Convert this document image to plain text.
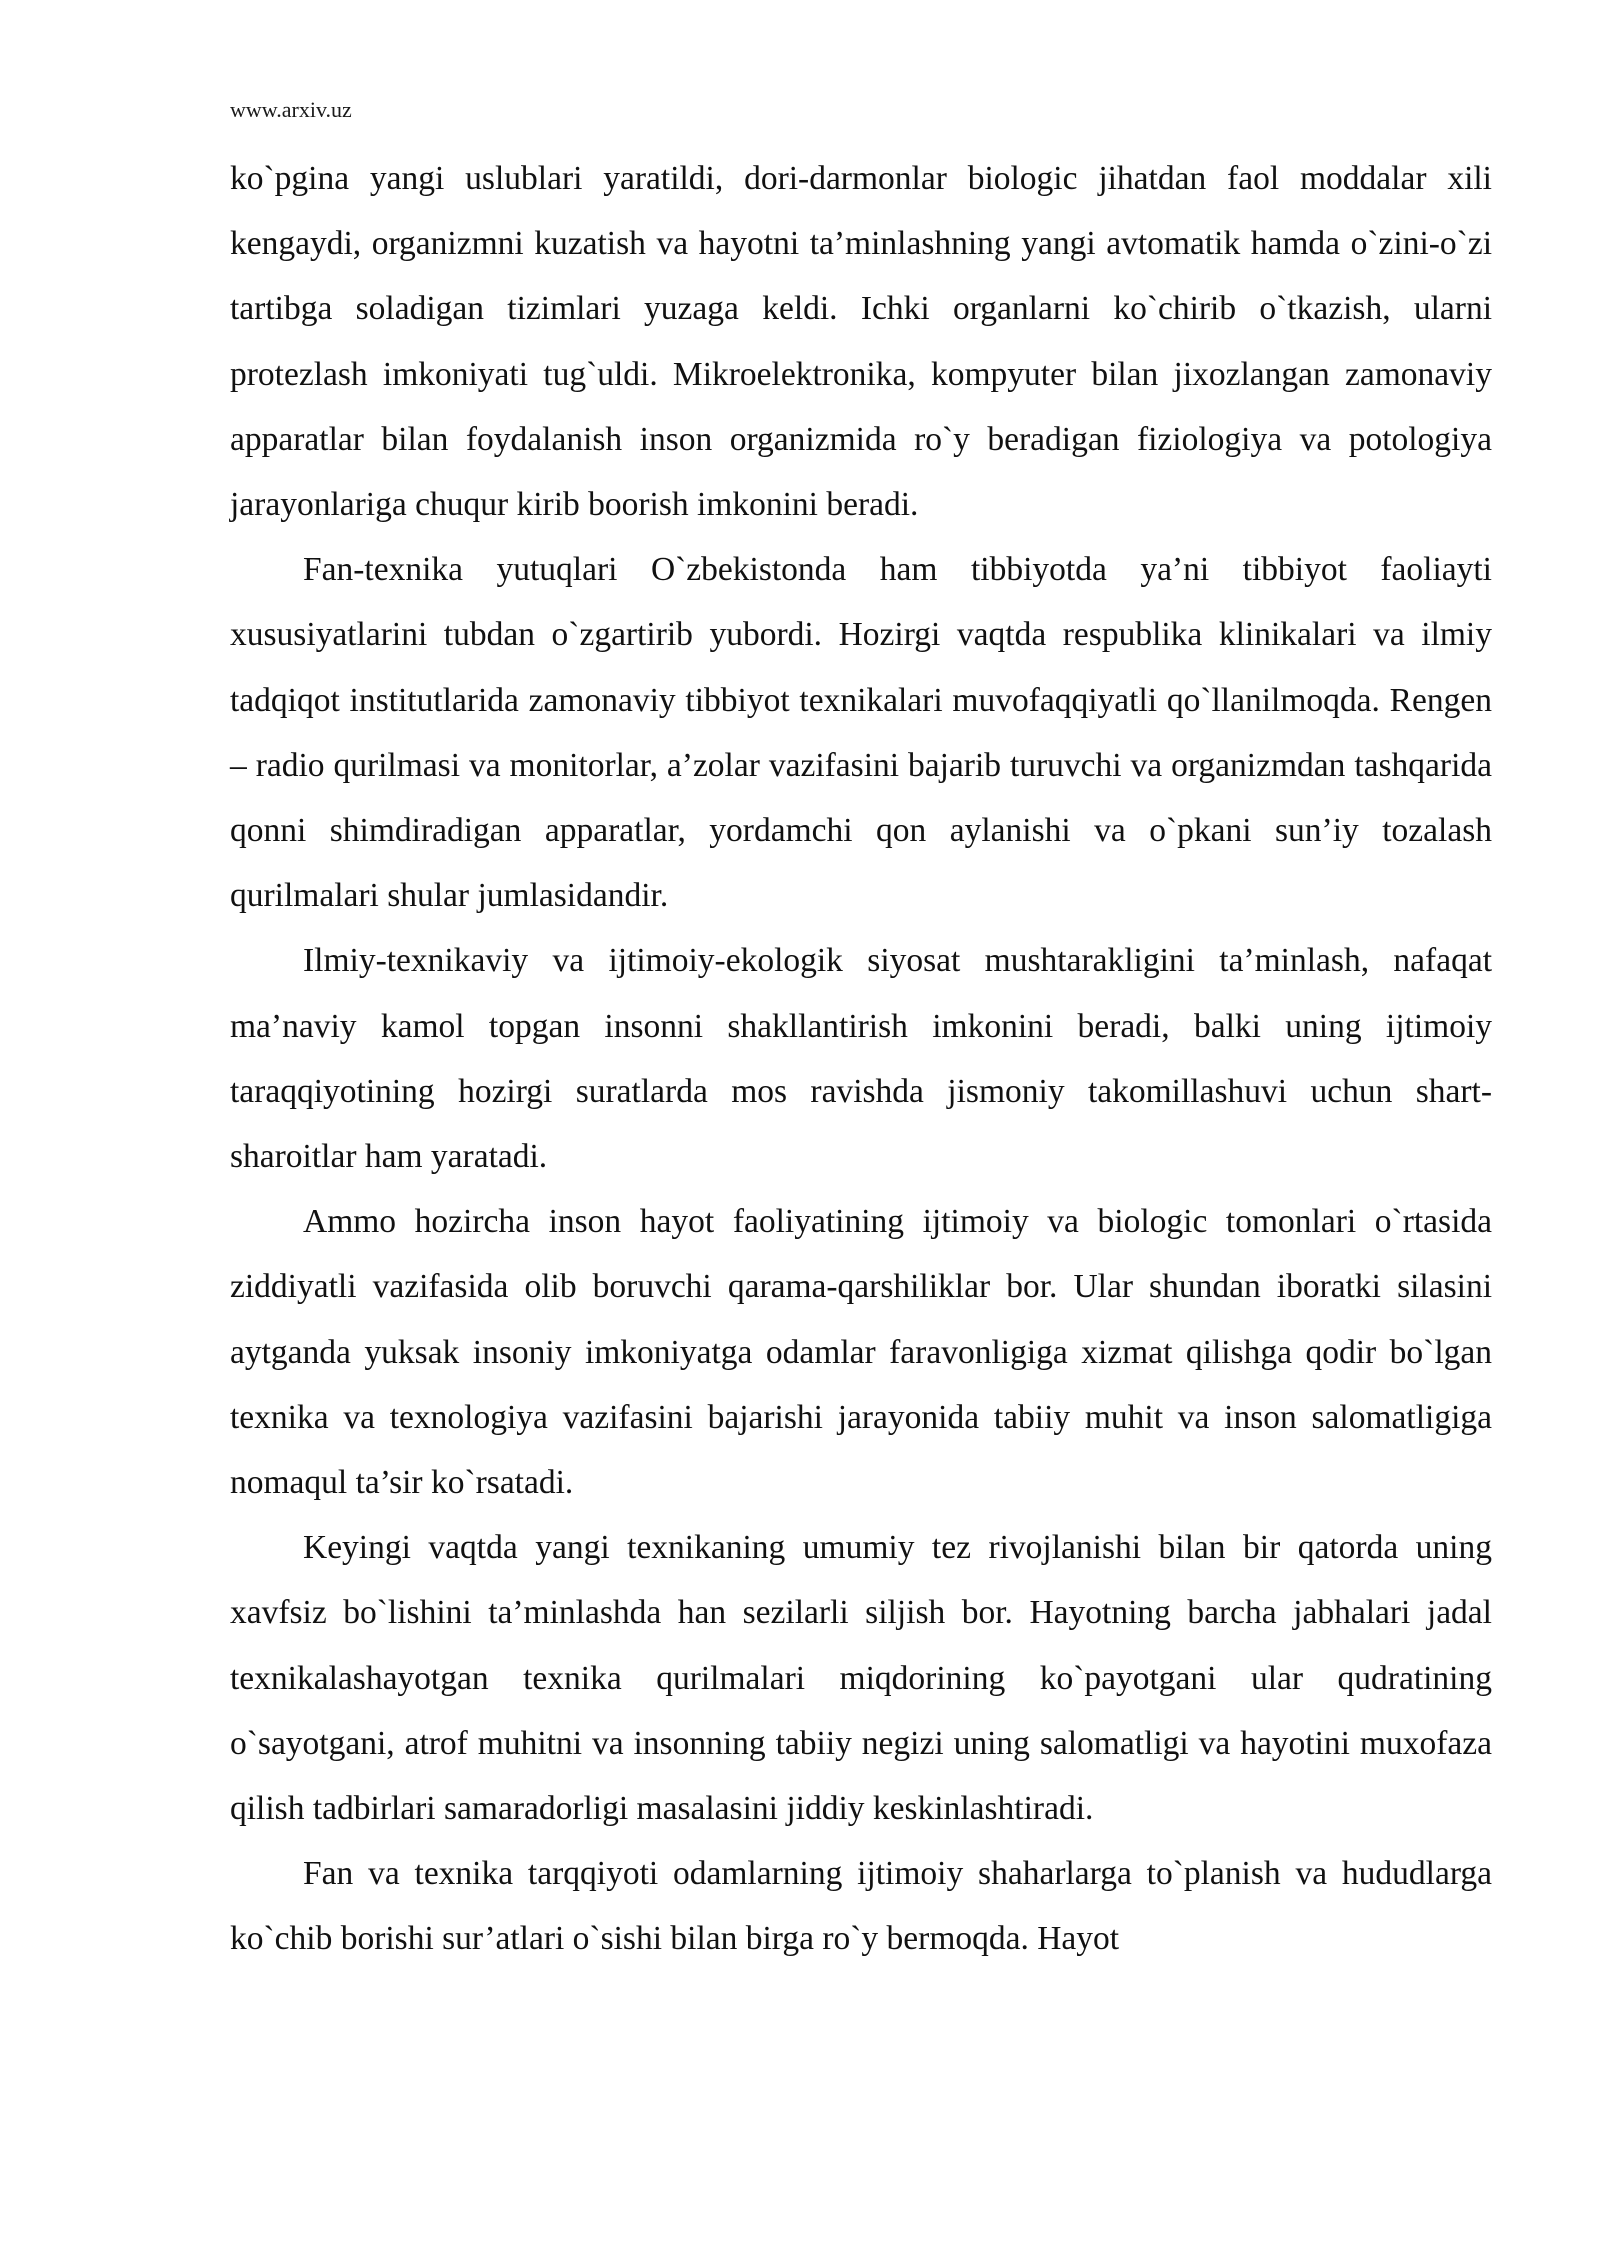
www.arxiv.uz

ko`pgina yangi uslublari yaratildi, dori-darmonlar biologic jihatdan faol moddalar xili kengaydi, organizmni kuzatish va hayotni ta’minlashning yangi avtomatik hamda o`zini-o`zi tartibga soladigan tizimlari yuzaga keldi. Ichki organlarni ko`chirib o`tkazish, ularni protezlash imkoniyati tug`uldi. Mikroelektronika, kompyuter bilan jixozlangan zamonaviy apparatlar bilan foydalanish inson organizmida ro`y beradigan fiziologiya va potologiya jarayonlariga chuqur kirib boorish imkonini beradi.

Fan-texnika yutuqlari O`zbekistonda ham tibbiyotda ya’ni tibbiyot faoliayti xususiyatlarini tubdan o`zgartirib yubordi. Hozirgi vaqtda respublika klinikalari va ilmiy tadqiqot institutlarida zamonaviy tibbiyot texnikalari muvofaqqiyatli qo`llanilmoqda. Rengen – radio qurilmasi va monitorlar, a’zolar vazifasini bajarib turuvchi va organizmdan tashqarida qonni shimdiradigan apparatlar, yordamchi qon aylanishi va o`pkani sun’iy tozalash qurilmalari shular jumlasidandir.

Ilmiy-texnikaviy va ijtimoiy-ekologik siyosat mushtarakligini ta’minlash, nafaqat ma’naviy kamol topgan insonni shakllantirish imkonini beradi, balki uning ijtimoiy taraqqiyotining hozirgi suratlarda mos ravishda jismoniy takomillashuvi uchun shart-sharoitlar ham yaratadi.

Ammo hozircha inson hayot faoliyatining ijtimoiy va biologic tomonlari o`rtasida ziddiyatli vazifasida olib boruvchi qarama-qarshiliklar bor. Ular shundan iboratki silasini aytganda yuksak insoniy imkoniyatga odamlar faravonligiga xizmat qilishga qodir bo`lgan texnika va texnologiya vazifasini bajarishi jarayonida tabiiy muhit va inson salomatligiga nomaqul ta’sir ko`rsatadi.

Keyingi vaqtda yangi texnikaning umumiy tez rivojlanishi bilan bir qatorda uning xavfsiz bo`lishini ta’minlashda han sezilarli siljish bor. Hayotning barcha jabhalari jadal texnikalashayotgan texnika qurilmalari miqdorining ko`payotgani ular qudratining o`sayotgani, atrof muhitni va insonning tabiiy negizi uning salomatligi va hayotini muxofaza qilish tadbirlari samaradorligi masalasini jiddiy keskinlashtiradi.

Fan va texnika tarqqiyoti odamlarning ijtimoiy shaharlarga to`planish va hududlarga ko`chib borishi sur’atlari o`sishi bilan birga ro`y bermoqda. Hayot
